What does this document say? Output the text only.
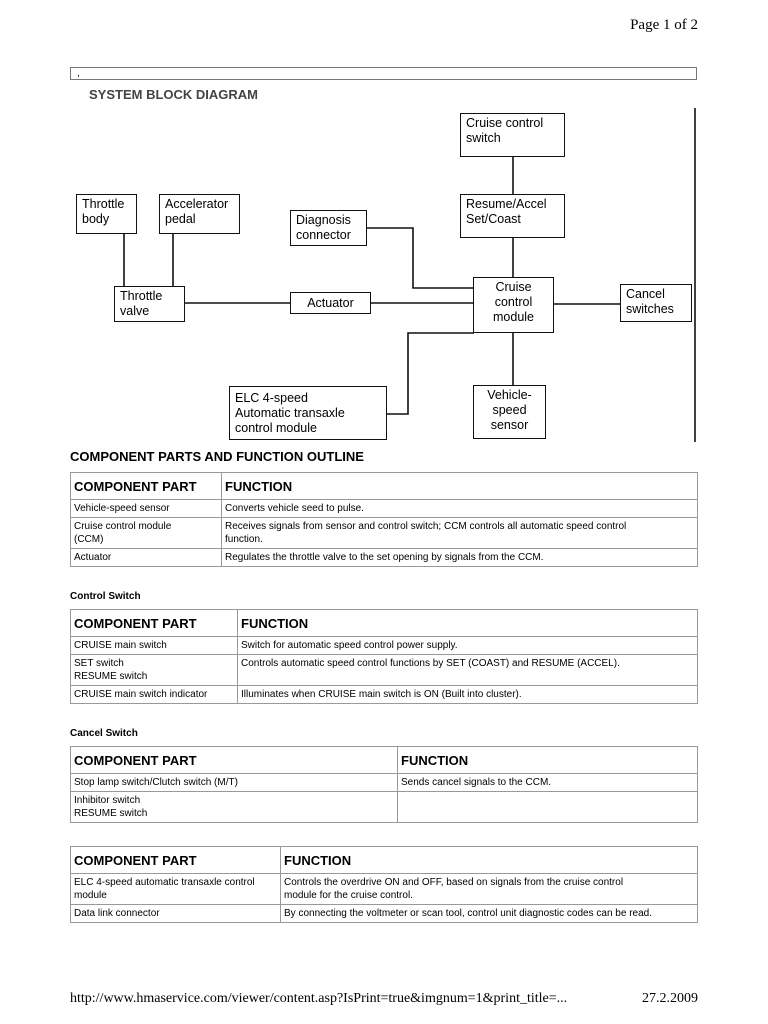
Page 1 of 2
,
SYSTEM BLOCK DIAGRAM
Cruise control
switch
Resume/Accel
Set/Coast
Throttle
body
Accelerator
pedal	Diagnosis
connector
Throttle
valve
Actuator
Cruise
control
module
Cancel
switches
ELC 4-speed
Automatic transaxle
control module
Vehicle-
speed
sensor
COMPONENT PARTS AND FUNCTION OUTLINE
COMPONENT PART	FUNCTION
Vehicle-speed sensor	Converts vehicle seed to pulse.
Cruise control module
(CCM)	Receives signals from sensor and control switch; CCM controls all automatic speed control
function.
Actuator	Regulates the throttle valve to the set opening by signals from the CCM.
Control Switch
COMPONENT PART	FUNCTION
CRUISE main switch	Switch for automatic speed control power supply.
SET switch
RESUME switch	Controls automatic speed control functions by SET (COAST) and RESUME (ACCEL).
CRUISE main switch indicator	Illuminates when CRUISE main switch is ON (Built into cluster).
Cancel Switch
COMPONENT PART	FUNCTION
Stop lamp switch/Clutch switch (M/T)	Sends cancel signals to the CCM.
Inhibitor switch
RESUME switch	
COMPONENT PART	FUNCTION
ELC 4-speed automatic transaxle control
module	Controls the overdrive ON and OFF, based on signals from the cruise control
module for the cruise control.
Data link connector	By connecting the voltmeter or scan tool, control unit diagnostic codes can be read.
http://www.hmaservice.com/viewer/content.asp?IsPrint=true&imgnum=1&print_title=...	27.2.2009
